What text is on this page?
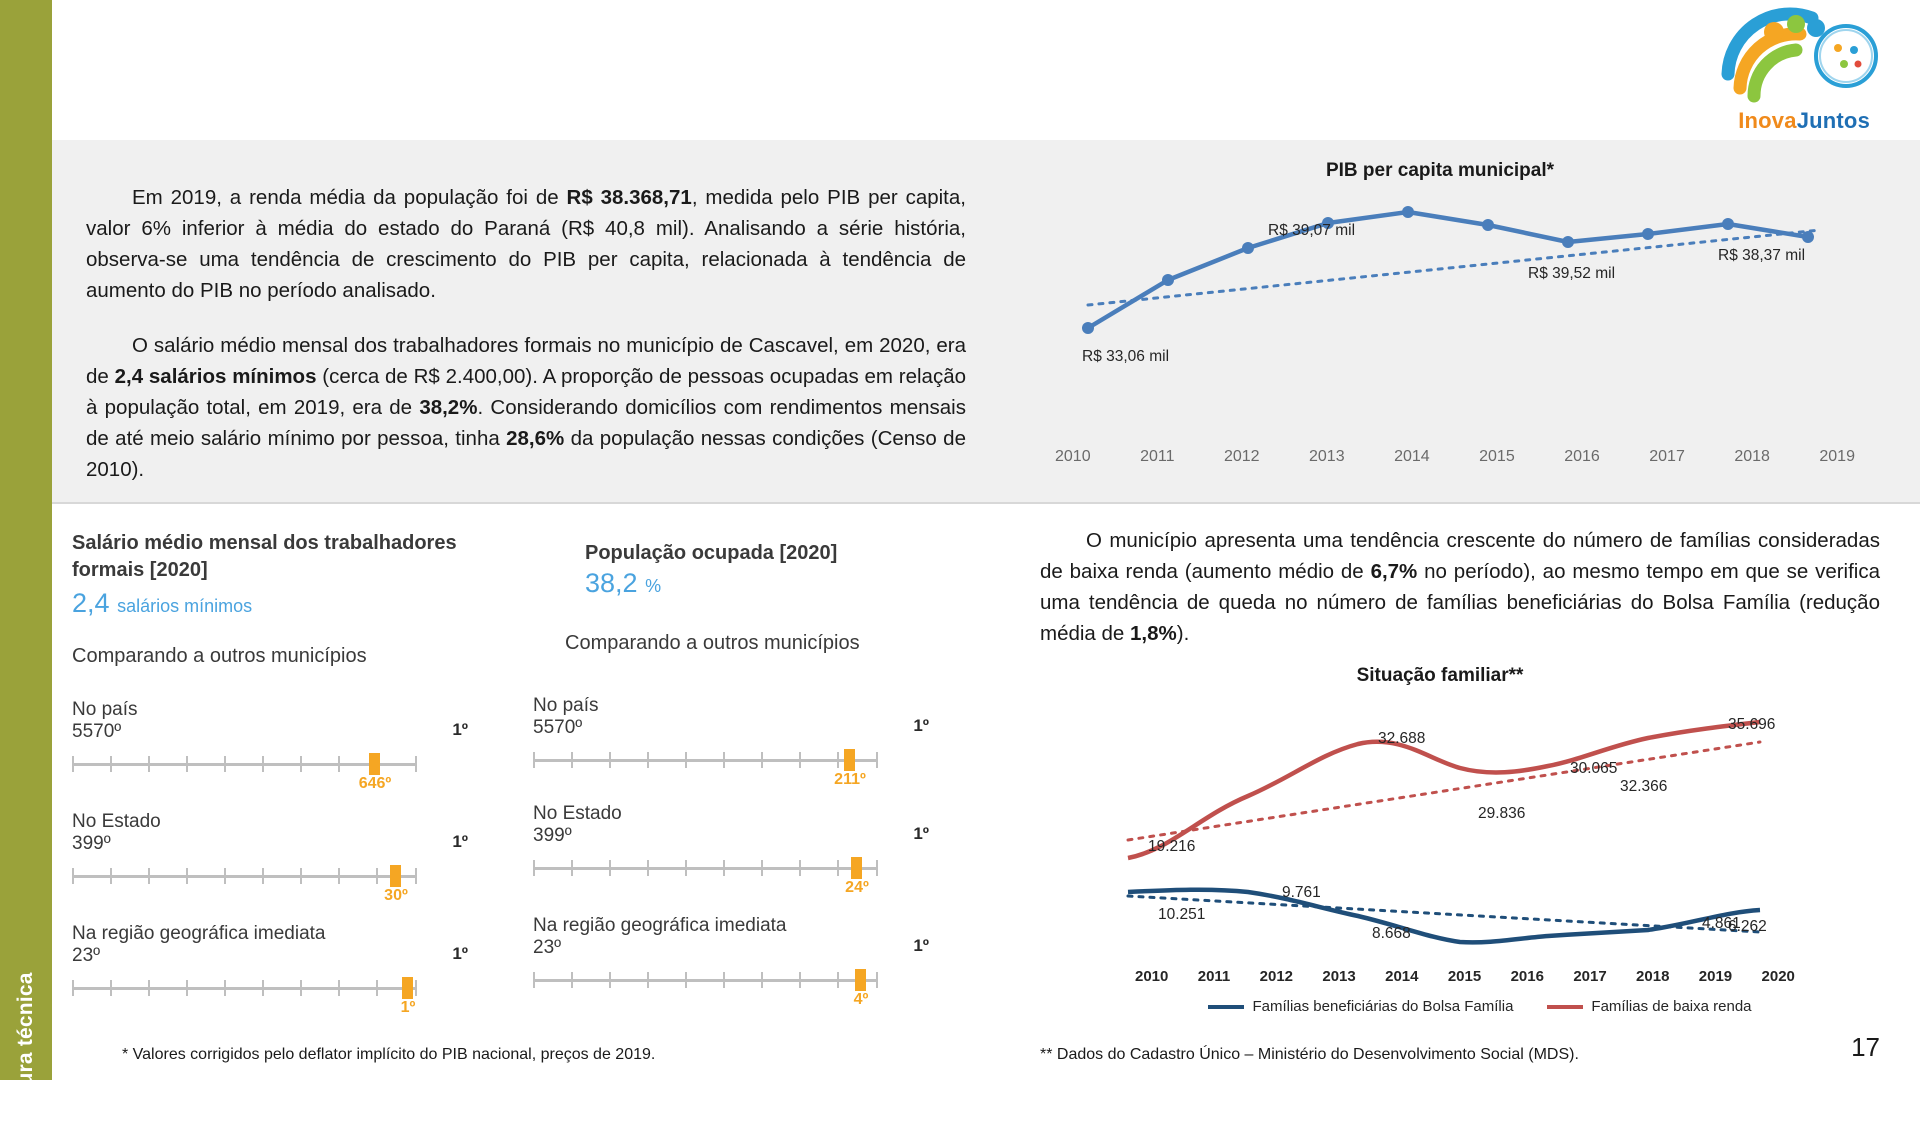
Leitura técnica
InovaJuntos
Em 2019, a renda média da população foi de R$ 38.368,71, medida pelo PIB per capita, valor 6% inferior à média do estado do Paraná (R$ 40,8 mil). Analisando a série história, observa-se uma tendência de crescimento do PIB per capita, relacionada à tendência de aumento do PIB no período analisado.
O salário médio mensal dos trabalhadores formais no município de Cascavel, em 2020, era de 2,4 salários mínimos (cerca de R$ 2.400,00). A proporção de pessoas ocupadas em relação à população total, em 2019, era de 38,2%. Considerando domicílios com rendimentos mensais de até meio salário mínimo por pessoa, tinha 28,6% da população nessas condições (Censo de 2010).
O município apresenta uma tendência crescente do número de famílias consideradas de baixa renda (aumento médio de 6,7% no período), ao mesmo tempo em que se verifica uma tendência de queda no número de famílias beneficiárias do Bolsa Família (redução média de 1,8%).
PIB per capita municipal*
R$ 33,06 mil
R$ 39,07 mil
R$ 39,52 mil
R$ 38,37 mil
2010	2011	2012	2013	2014	2015	2016	2017	2018	2019
Salário médio mensal dos trabalhadores formais [2020]
2,4 salários mínimos
Comparando a outros municípios
No país
5570º	1º
646º
No Estado
399º	1º
30º
Na região geográfica imediata
23º	1º
1º
População ocupada [2020]
38,2 %
Comparando a outros municípios
No país
5570º	1º
211º
No Estado
399º	1º
24º
Na região geográfica imediata
23º	1º
4º
Situação familiar**
19.216
32.688
29.836
30.065
32.366
35.696
10.251
9.761
8.668
4.861
6.262
2010 2011 2012 2013 2014 2015 2016 2017 2018 2019 2020
Famílias beneficiárias do Bolsa Família	Famílias de baixa renda
* Valores corrigidos pelo deflator implícito do PIB nacional, preços de 2019.	** Dados do Cadastro Único – Ministério do Desenvolvimento Social (MDS).	17
